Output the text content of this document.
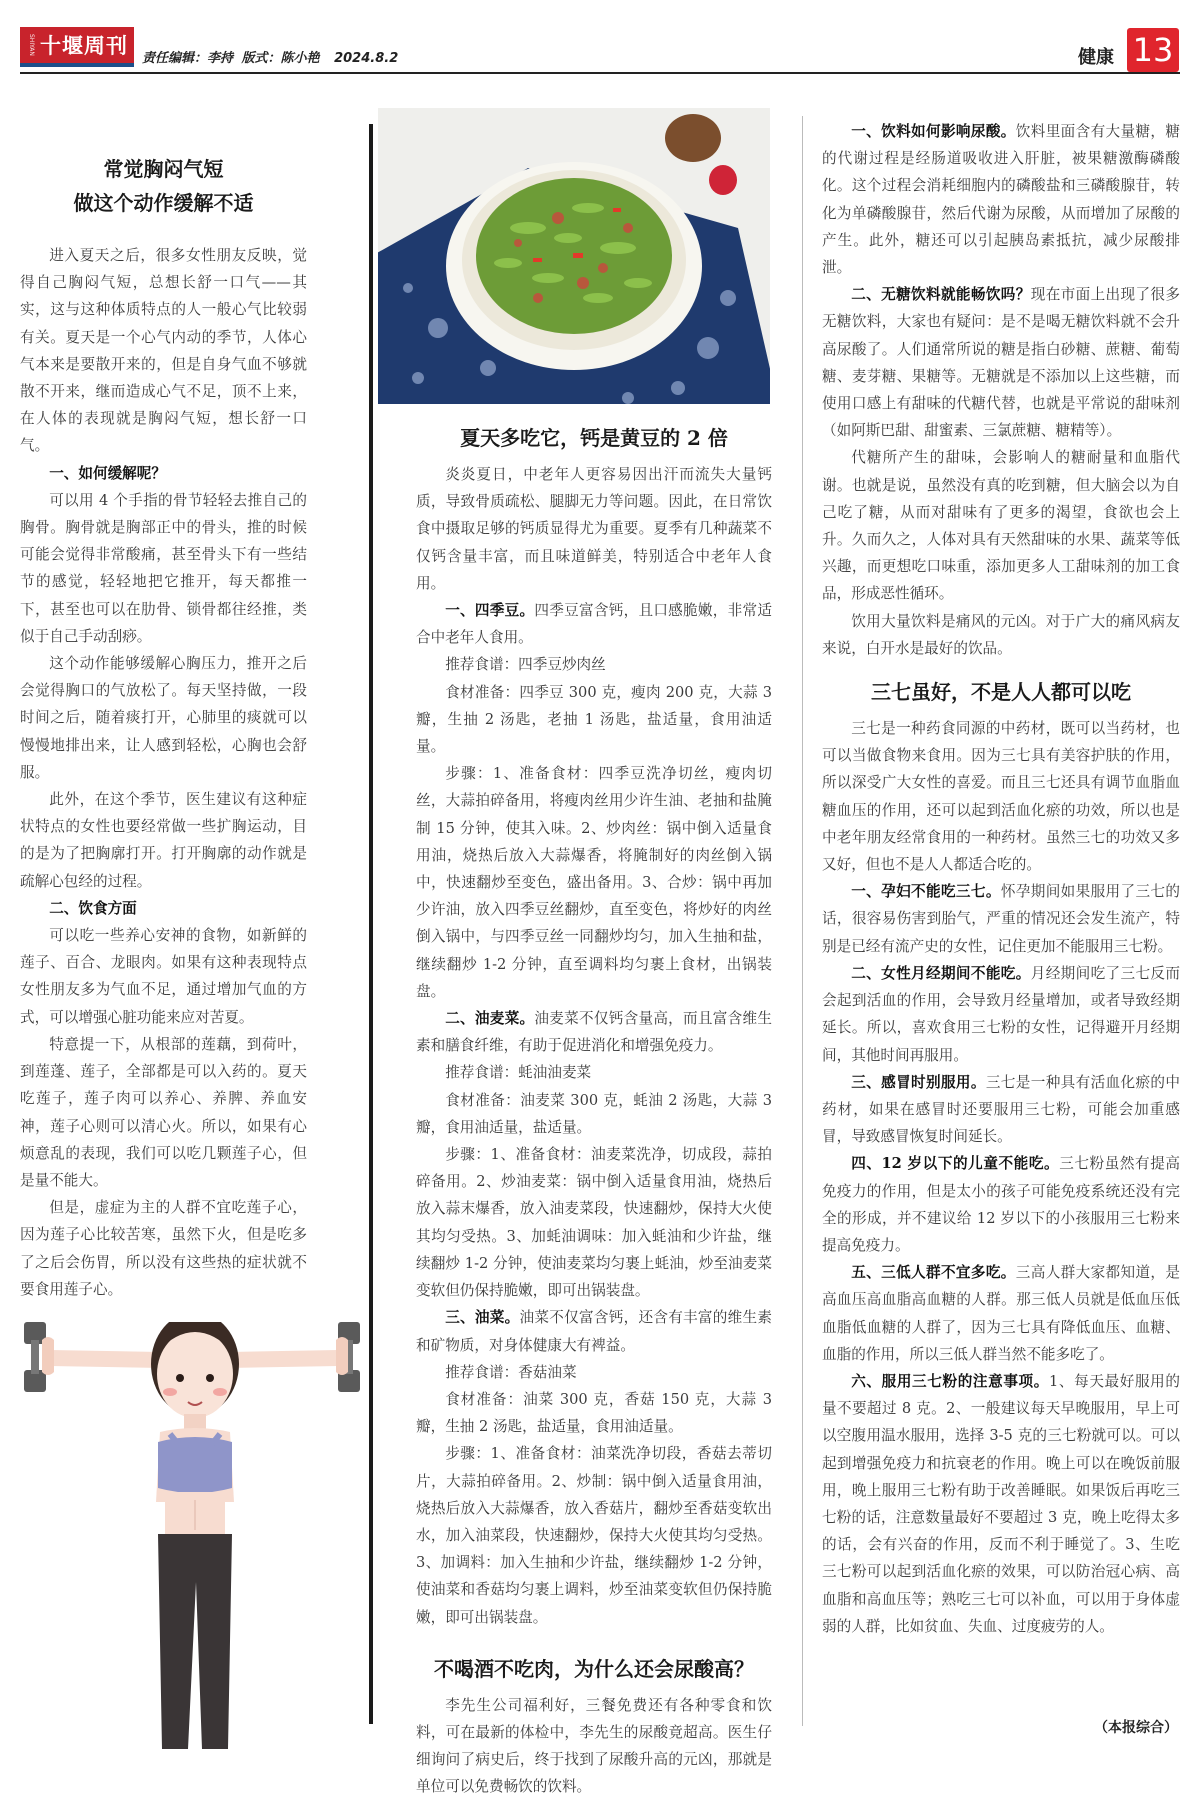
SHIYAN 十堰周刊
责任编辑：李持 版式：陈小艳 2024.8.2	健康 13
常觉胸闷气短
做这个动作缓解不适

进入夏天之后，很多女性朋友反映，觉得自己胸闷气短，总想长舒一口气——其实，这与这种体质特点的人一般心气比较弱有关。夏天是一个心气内动的季节，人体心气本来是要散开来的，但是自身气血不够就散不开来，继而造成心气不足，顶不上来，在人体的表现就是胸闷气短，想长舒一口气。

一、如何缓解呢？

可以用 4 个手指的骨节轻轻去推自己的胸骨。胸骨就是胸部正中的骨头，推的时候可能会觉得非常酸痛，甚至骨头下有一些结节的感觉，轻轻地把它推开，每天都推一下，甚至也可以在肋骨、锁骨都往经推，类似于自己手动刮痧。

这个动作能够缓解心胸压力，推开之后会觉得胸口的气放松了。每天坚持做，一段时间之后，随着痰打开，心肺里的痰就可以慢慢地排出来，让人感到轻松，心胸也会舒服。

此外，在这个季节，医生建议有这种症状特点的女性也要经常做一些扩胸运动，目的是为了把胸廓打开。打开胸廓的动作就是疏解心包经的过程。

二、饮食方面

可以吃一些养心安神的食物，如新鲜的莲子、百合、龙眼肉。如果有这种表现特点女性朋友多为气血不足，通过增加气血的方式，可以增强心脏功能来应对苦夏。

特意提一下，从根部的莲藕，到荷叶，到莲蓬、莲子，全部都是可以入药的。夏天吃莲子，莲子肉可以养心、养脾、养血安神，莲子心则可以清心火。所以，如果有心烦意乱的表现，我们可以吃几颗莲子心，但是量不能大。

但是，虚症为主的人群不宜吃莲子心，因为莲子心比较苦寒，虽然下火，但是吃多了之后会伤胃，所以没有这些热的症状就不要食用莲子心。

夏天多吃它，钙是黄豆的 2 倍

炎炎夏日，中老年人更容易因出汗而流失大量钙质，导致骨质疏松、腿脚无力等问题。因此，在日常饮食中摄取足够的钙质显得尤为重要。夏季有几种蔬菜不仅钙含量丰富，而且味道鲜美，特别适合中老年人食用。

一、四季豆。四季豆富含钙，且口感脆嫩，非常适合中老年人食用。

推荐食谱：四季豆炒肉丝

食材准备：四季豆 300 克，瘦肉 200 克，大蒜 3 瓣，生抽 2 汤匙，老抽 1 汤匙，盐适量，食用油适量。

步骤：1、准备食材：四季豆洗净切丝，瘦肉切丝，大蒜拍碎备用，将瘦肉丝用少许生油、老抽和盐腌制 15 分钟，使其入味。2、炒肉丝：锅中倒入适量食用油，烧热后放入大蒜爆香，将腌制好的肉丝倒入锅中，快速翻炒至变色，盛出备用。3、合炒：锅中再加少许油，放入四季豆丝翻炒，直至变色，将炒好的肉丝倒入锅中，与四季豆丝一同翻炒均匀，加入生抽和盐，继续翻炒 1-2 分钟，直至调料均匀裹上食材，出锅装盘。

二、油麦菜。油麦菜不仅钙含量高，而且富含维生素和膳食纤维，有助于促进消化和增强免疫力。

推荐食谱：蚝油油麦菜

食材准备：油麦菜 300 克，蚝油 2 汤匙，大蒜 3 瓣，食用油适量，盐适量。

步骤：1、准备食材：油麦菜洗净，切成段，蒜拍碎备用。2、炒油麦菜：锅中倒入适量食用油，烧热后放入蒜末爆香，放入油麦菜段，快速翻炒，保持大火使其均匀受热。3、加蚝油调味：加入蚝油和少许盐，继续翻炒 1-2 分钟，使油麦菜均匀裹上蚝油，炒至油麦菜变软但仍保持脆嫩，即可出锅装盘。

三、油菜。油菜不仅富含钙，还含有丰富的维生素和矿物质，对身体健康大有裨益。

推荐食谱：香菇油菜

食材准备：油菜 300 克，香菇 150 克，大蒜 3 瓣，生抽 2 汤匙，盐适量，食用油适量。

步骤：1、准备食材：油菜洗净切段，香菇去蒂切片，大蒜拍碎备用。2、炒制：锅中倒入适量食用油，烧热后放入大蒜爆香，放入香菇片，翻炒至香菇变软出水，加入油菜段，快速翻炒，保持大火使其均匀受热。3、加调料：加入生抽和少许盐，继续翻炒 1-2 分钟，使油菜和香菇均匀裹上调料，炒至油菜变软但仍保持脆嫩，即可出锅装盘。

不喝酒不吃肉，为什么还会尿酸高？

李先生公司福利好，三餐免费还有各种零食和饮料，可在最新的体检中，李先生的尿酸竟超高。医生仔细询问了病史后，终于找到了尿酸升高的元凶，那就是单位可以免费畅饮的饮料。

一、饮料如何影响尿酸。饮料里面含有大量糖，糖的代谢过程是经肠道吸收进入肝脏，被果糖激酶磷酸化。这个过程会消耗细胞内的磷酸盐和三磷酸腺苷，转化为单磷酸腺苷，然后代谢为尿酸，从而增加了尿酸的产生。此外，糖还可以引起胰岛素抵抗，减少尿酸排泄。

二、无糖饮料就能畅饮吗？现在市面上出现了很多无糖饮料，大家也有疑问：是不是喝无糖饮料就不会升高尿酸了。人们通常所说的糖是指白砂糖、蔗糖、葡萄糖、麦芽糖、果糖等。无糖就是不添加以上这些糖，而使用口感上有甜味的代糖代替，也就是平常说的甜味剂（如阿斯巴甜、甜蜜素、三氯蔗糖、糖精等）。

代糖所产生的甜味，会影响人的糖耐量和血脂代谢。也就是说，虽然没有真的吃到糖，但大脑会以为自己吃了糖，从而对甜味有了更多的渴望，食欲也会上升。久而久之，人体对具有天然甜味的水果、蔬菜等低兴趣，而更想吃口味重，添加更多人工甜味剂的加工食品，形成恶性循环。

饮用大量饮料是痛风的元凶。对于广大的痛风病友来说，白开水是最好的饮品。

三七虽好，不是人人都可以吃

三七是一种药食同源的中药材，既可以当药材，也可以当做食物来食用。因为三七具有美容护肤的作用，所以深受广大女性的喜爱。而且三七还具有调节血脂血糖血压的作用，还可以起到活血化瘀的功效，所以也是中老年朋友经常食用的一种药材。虽然三七的功效又多又好，但也不是人人都适合吃的。

一、孕妇不能吃三七。怀孕期间如果服用了三七的话，很容易伤害到胎气，严重的情况还会发生流产，特别是已经有流产史的女性，记住更加不能服用三七粉。

二、女性月经期间不能吃。月经期间吃了三七反而会起到活血的作用，会导致月经量增加，或者导致经期延长。所以，喜欢食用三七粉的女性，记得避开月经期间，其他时间再服用。

三、感冒时别服用。三七是一种具有活血化瘀的中药材，如果在感冒时还要服用三七粉，可能会加重感冒，导致感冒恢复时间延长。

四、12 岁以下的儿童不能吃。三七粉虽然有提高免疫力的作用，但是太小的孩子可能免疫系统还没有完全的形成，并不建议给 12 岁以下的小孩服用三七粉来提高免疫力。

五、三低人群不宜多吃。三高人群大家都知道，是高血压高血脂高血糖的人群。那三低人员就是低血压低血脂低血糖的人群了，因为三七具有降低血压、血糖、血脂的作用，所以三低人群当然不能多吃了。

六、服用三七粉的注意事项。1、每天最好服用的量不要超过 8 克。2、一般建议每天早晚服用，早上可以空腹用温水服用，选择 3-5 克的三七粉就可以。可以起到增强免疫力和抗衰老的作用。晚上可以在晚饭前服用，晚上服用三七粉有助于改善睡眠。如果饭后再吃三七粉的话，注意数量最好不要超过 3 克，晚上吃得太多的话，会有兴奋的作用，反而不利于睡觉了。3、生吃三七粉可以起到活血化瘀的效果，可以防治冠心病、高血脂和高血压等；熟吃三七可以补血，可以用于身体虚弱的人群，比如贫血、失血、过度疲劳的人。

（本报综合）
